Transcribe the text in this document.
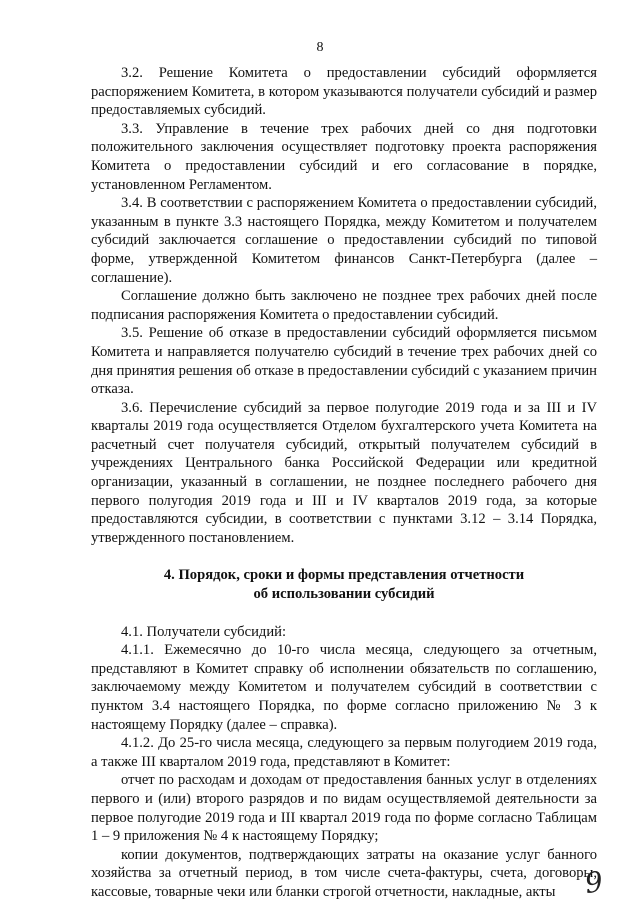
8

3.2. Решение Комитета о предоставлении субсидий оформляется распоряжением Комитета, в котором указываются получатели субсидий и размер предоставляемых субсидий.

3.3. Управление в течение трех рабочих дней со дня подготовки положительного заключения осуществляет подготовку проекта распоряжения Комитета о предоставлении субсидий и его согласование в порядке, установленном Регламентом.

3.4. В соответствии с распоряжением Комитета о предоставлении субсидий, указанным в пункте 3.3 настоящего Порядка, между Комитетом и получателем субсидий заключается соглашение о предоставлении субсидий по типовой форме, утвержденной Комитетом финансов Санкт-Петербурга (далее – соглашение).

Соглашение должно быть заключено не позднее трех рабочих дней после подписания распоряжения Комитета о предоставлении субсидий.

3.5. Решение об отказе в предоставлении субсидий оформляется письмом Комитета и направляется получателю субсидий в течение трех рабочих дней со дня принятия решения об отказе в предоставлении субсидий с указанием причин отказа.

3.6. Перечисление субсидий за первое полугодие 2019 года и за III и IV кварталы 2019 года осуществляется Отделом бухгалтерского учета Комитета на расчетный счет получателя субсидий, открытый получателем субсидий в учреждениях Центрального банка Российской Федерации или кредитной организации, указанный в соглашении, не позднее последнего рабочего дня первого полугодия 2019 года и III и IV кварталов 2019 года, за которые предоставляются субсидии, в соответствии с пунктами 3.12 – 3.14 Порядка, утвержденного постановлением.

4. Порядок, сроки и формы представления отчетности
об использовании субсидий

4.1. Получатели субсидий:

4.1.1. Ежемесячно до 10-го числа месяца, следующего за отчетным, представляют в Комитет справку об исполнении обязательств по соглашению, заключаемому между Комитетом и получателем субсидий в соответствии с пунктом 3.4 настоящего Порядка, по форме согласно приложению № 3 к настоящему Порядку (далее – справка).

4.1.2. До 25-го числа месяца, следующего за первым полугодием 2019 года, а также III кварталом 2019 года, представляют в Комитет:

отчет по расходам и доходам от предоставления банных услуг в отделениях первого и (или) второго разрядов и по видам осуществляемой деятельности за первое полугодие 2019 года и III квартал 2019 года по форме согласно Таблицам 1 – 9 приложения № 4 к настоящему Порядку;

копии документов, подтверждающих затраты на оказание услуг банного хозяйства за отчетный период, в том числе счета-фактуры, счета, договоры, кассовые, товарные чеки или бланки строгой отчетности, накладные, акты 9
